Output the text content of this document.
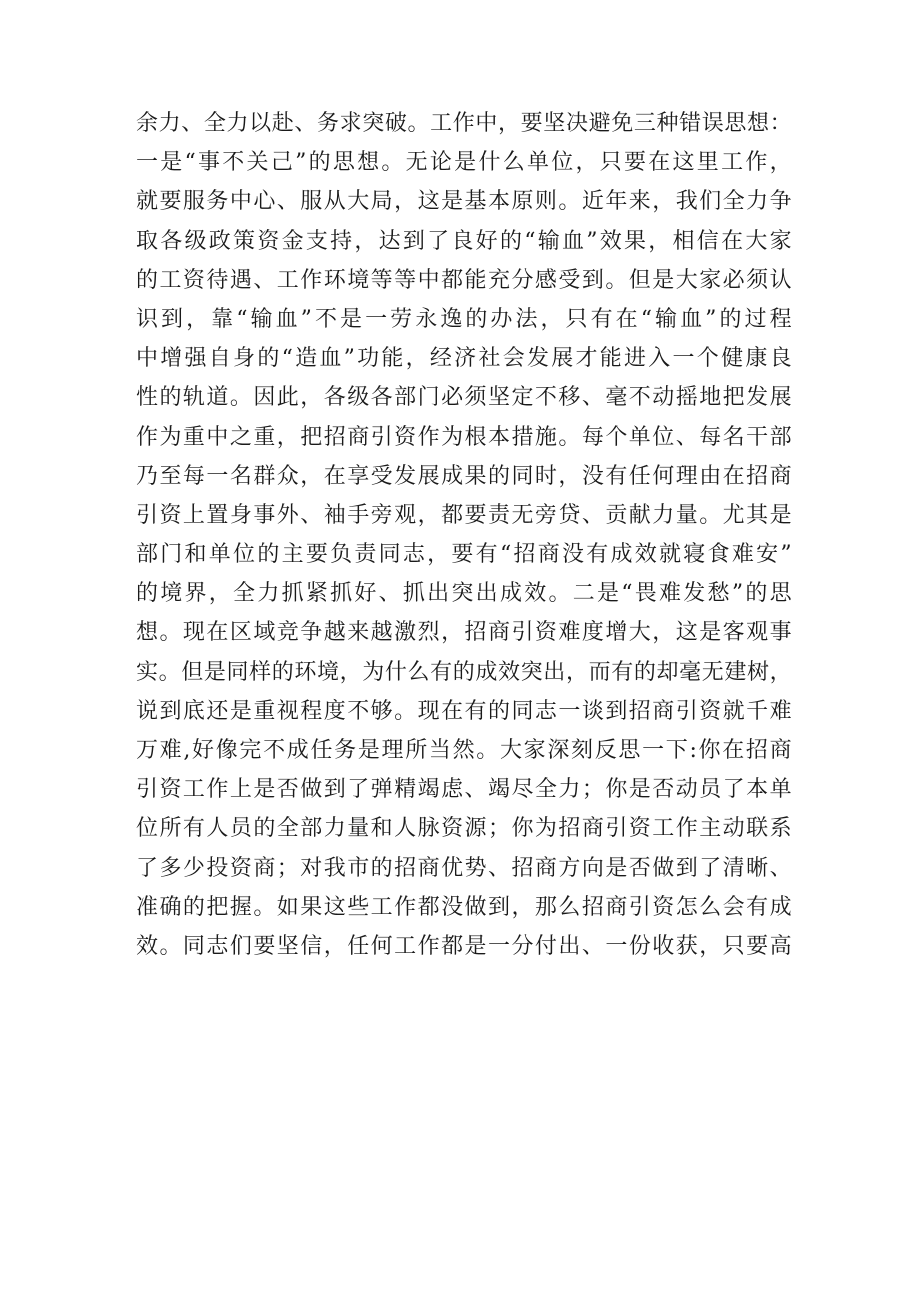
余力、全力以赴、务求突破。工作中，要坚决避免三种错误思想：
一是“事不关己”的思想。无论是什么单位，只要在这里工作，
就要服务中心、服从大局，这是基本原则。近年来，我们全力争
取各级政策资金支持，达到了良好的“输血”效果，相信在大家
的工资待遇、工作环境等等中都能充分感受到。但是大家必须认
识到，靠“输血”不是一劳永逸的办法，只有在“输血”的过程
中增强自身的“造血”功能，经济社会发展才能进入一个健康良
性的轨道。因此，各级各部门必须坚定不移、毫不动摇地把发展
作为重中之重，把招商引资作为根本措施。每个单位、每名干部
乃至每一名群众，在享受发展成果的同时，没有任何理由在招商
引资上置身事外、袖手旁观，都要责无旁贷、贡献力量。尤其是
部门和单位的主要负责同志，要有“招商没有成效就寝食难安”
的境界，全力抓紧抓好、抓出突出成效。二是“畏难发愁”的思
想。现在区域竞争越来越激烈，招商引资难度增大，这是客观事
实。但是同样的环境，为什么有的成效突出，而有的却毫无建树，
说到底还是重视程度不够。现在有的同志一谈到招商引资就千难
万难,好像完不成任务是理所当然。大家深刻反思一下:你在招商
引资工作上是否做到了弹精竭虑、竭尽全力；你是否动员了本单
位所有人员的全部力量和人脉资源；你为招商引资工作主动联系
了多少投资商；对我市的招商优势、招商方向是否做到了清晰、
准确的把握。如果这些工作都没做到，那么招商引资怎么会有成
效。同志们要坚信，任何工作都是一分付出、一份收获，只要高
